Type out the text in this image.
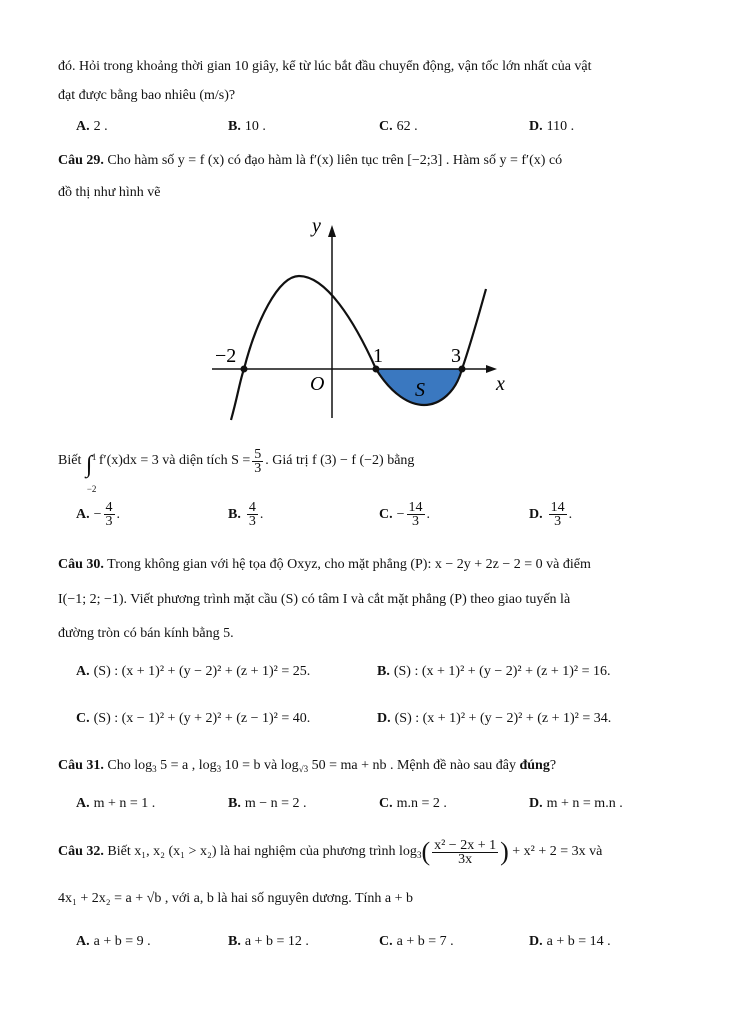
đó. Hỏi trong khoảng thời gian 10 giây, kể từ lúc bắt đầu chuyển động, vận tốc lớn nhất của vật
đạt được bằng bao nhiêu (m/s)?
A. 2 .	B. 10 .	C. 62 .	D. 110 .
Câu 29. Cho hàm số y = f (x) có đạo hàm là f′(x) liên tục trên [−2;3] . Hàm số y = f′(x) có
đồ thị như hình vẽ
y
x
O	S
−2	1	3
Biết ∫ 1
−2
f′(x)dx = 3 và diện tích $S = \frac{5}{3}$ . Giá trị f (3) − f (−2) bằng
A. − $\frac{4}{3}$ .	B. $\frac{4}{3}$ .	C. − $\frac{14}{3}$ .	D. $\frac{14}{3}$ .
Câu 30. Trong không gian với hệ tọa độ Oxyz, cho mặt phẳng (P): x − 2y + 2z − 2 = 0 và điểm
I(−1; 2; −1). Viết phương trình mặt cầu (S) có tâm I và cắt mặt phẳng (P) theo giao tuyến là
đường tròn có bán kính bằng 5.
A. (S) : (x + 1)² + (y − 2)² + (z + 1)² = 25.	B. (S) : (x + 1)² + (y − 2)² + (z + 1)² = 16.
C. (S) : (x − 1)² + (y + 2)² + (z − 1)² = 40.	D. (S) : (x + 1)² + (y − 2)² + (z + 1)² = 34.
Câu 31. Cho $\log_3 5 = a$ , $\log_3 10 = b$ và $\log_{√3} 50$ = ma + nb . Mệnh đề nào sau đây đúng?
A. m + n = 1 .	B. m − n = 2 .	C. m.n = 2 .	D. m + n = m.n .
Câu 32. Biết x₁, x₂ (x₁ > x₂) là hai nghiệm của phương trình $\log_3( \frac{\text{x² − 2x + 1}}{3x}$ ) + x² + 2 = 3x và
4x₁ + 2x₂ = a + √b , với a, b là hai số nguyên dương. Tính a + b
A. a + b = 9 .	B. a + b = 12 .	C. a + b = 7 .	D. a + b = 14 .
